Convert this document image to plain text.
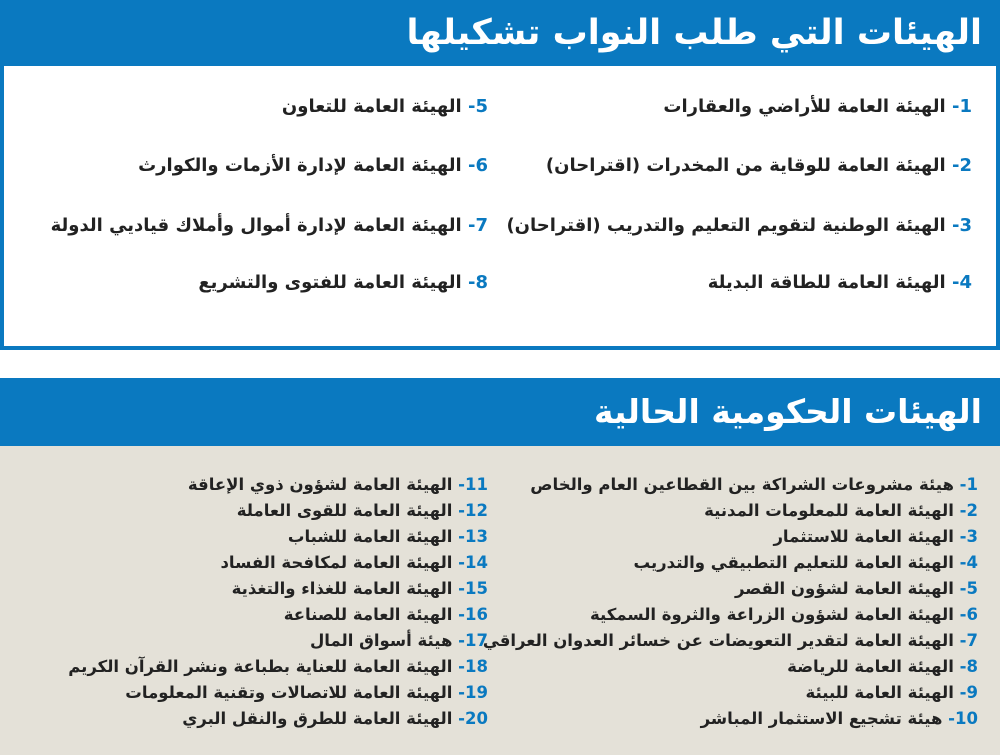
الهيئات التي طلب النواب تشكيلها
1- الهيئة العامة للأراضي والعقارات
2- الهيئة العامة للوقاية من المخدرات (اقتراحان)
3- الهيئة الوطنية لتقويم التعليم والتدريب (اقتراحان)
4- الهيئة العامة للطاقة البديلة
5- الهيئة العامة للتعاون
6- الهيئة العامة لإدارة الأزمات والكوارث
7- الهيئة العامة لإدارة أموال وأملاك قياديي الدولة
8- الهيئة العامة للفتوى والتشريع
الهيئات الحكومية الحالية
1- هيئة مشروعات الشراكة بين القطاعين العام والخاص
2- الهيئة العامة للمعلومات المدنية
3- الهيئة العامة للاستثمار
4- الهيئة العامة للتعليم التطبيقي والتدريب
5- الهيئة العامة لشؤون القصر
6- الهيئة العامة لشؤون الزراعة والثروة السمكية
7- الهيئة العامة لتقدير التعويضات عن خسائر العدوان العراقي
8- الهيئة العامة للرياضة
9- الهيئة العامة للبيئة
10- هيئة تشجيع الاستثمار المباشر
11- الهيئة العامة لشؤون ذوي الإعاقة
12- الهيئة العامة للقوى العاملة
13- الهيئة العامة للشباب
14- الهيئة العامة لمكافحة الفساد
15- الهيئة العامة للغذاء والتغذية
16- الهيئة العامة للصناعة
17- هيئة أسواق المال
18- الهيئة العامة للعناية بطباعة ونشر القرآن الكريم
19- الهيئة العامة للاتصالات وتقنية المعلومات
20- الهيئة العامة للطرق والنقل البري
